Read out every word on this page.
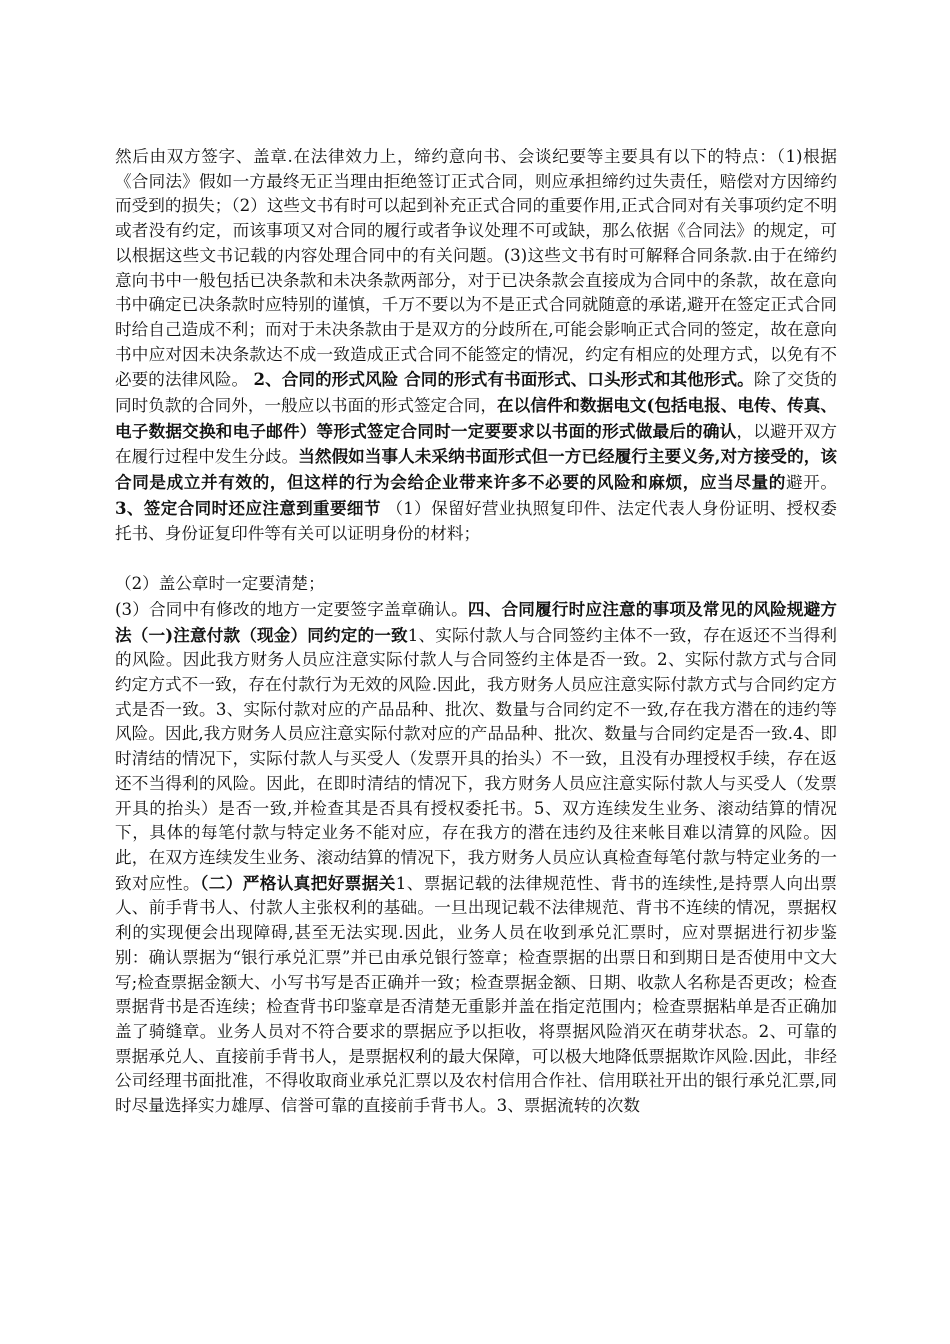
然后由双方签字、盖章.在法律效力上，缔约意向书、会谈纪要等主要具有以下的特点：（1)根据《合同法》假如一方最终无正当理由拒绝签订正式合同，则应承担缔约过失责任，赔偿对方因缔约而受到的损失；（2）这些文书有时可以起到补充正式合同的重要作用,正式合同对有关事项约定不明或者没有约定，而该事项又对合同的履行或者争议处理不可或缺，那么依据《合同法》的规定，可以根据这些文书记载的内容处理合同中的有关问题。(3)这些文书有时可解释合同条款.由于在缔约意向书中一般包括已决条款和未决条款两部分，对于已决条款会直接成为合同中的条款，故在意向书中确定已决条款时应特别的谨慎，千万不要以为不是正式合同就随意的承诺,避开在签定正式合同时给自己造成不利；而对于未决条款由于是双方的分歧所在,可能会影响正式合同的签定，故在意向书中应对因未决条款达不成一致造成正式合同不能签定的情况，约定有相应的处理方式，以免有不必要的法律风险。 2、合同的形式风险 合同的形式有书面形式、口头形式和其他形式。除了交货的同时负款的合同外，一般应以书面的形式签定合同，在以信件和数据电文(包括电报、电传、传真、电子数据交换和电子邮件）等形式签定合同时一定要要求以书面的形式做最后的确认，以避开双方在履行过程中发生分歧。当然假如当事人未采纳书面形式但一方已经履行主要义务,对方接受的，该合同是成立并有效的，但这样的行为会给企业带来许多不必要的风险和麻烦，应当尽量的避开。 3、签定合同时还应注意到重要细节 （1）保留好营业执照复印件、法定代表人身份证明、授权委托书、身份证复印件等有关可以证明身份的材料；

（2）盖公章时一定要清楚；

(3）合同中有修改的地方一定要签字盖章确认。四、合同履行时应注意的事项及常见的风险规避方法（一)注意付款（现金）同约定的一致1、实际付款人与合同签约主体不一致，存在返还不当得利的风险。因此我方财务人员应注意实际付款人与合同签约主体是否一致。2、实际付款方式与合同约定方式不一致，存在付款行为无效的风险.因此，我方财务人员应注意实际付款方式与合同约定方式是否一致。3、实际付款对应的产品品种、批次、数量与合同约定不一致,存在我方潜在的违约等风险。因此,我方财务人员应注意实际付款对应的产品品种、批次、数量与合同约定是否一致.4、即时清结的情况下，实际付款人与买受人（发票开具的抬头）不一致，且没有办理授权手续，存在返还不当得利的风险。因此，在即时清结的情况下，我方财务人员应注意实际付款人与买受人（发票开具的抬头）是否一致,并检查其是否具有授权委托书。5、双方连续发生业务、滚动结算的情况下，具体的每笔付款与特定业务不能对应，存在我方的潜在违约及往来帐目难以清算的风险。因此，在双方连续发生业务、滚动结算的情况下，我方财务人员应认真检查每笔付款与特定业务的一致对应性。（二）严格认真把好票据关1、票据记载的法律规范性、背书的连续性,是持票人向出票人、前手背书人、付款人主张权利的基础。一旦出现记载不法律规范、背书不连续的情况，票据权利的实现便会出现障碍,甚至无法实现.因此，业务人员在收到承兑汇票时，应对票据进行初步鉴别：确认票据为“银行承兑汇票”并已由承兑银行签章；检查票据的出票日和到期日是否使用中文大写;检查票据金额大、小写书写是否正确并一致；检查票据金额、日期、收款人名称是否更改；检查票据背书是否连续；检查背书印鉴章是否清楚无重影并盖在指定范围内；检查票据粘单是否正确加盖了骑缝章。业务人员对不符合要求的票据应予以拒收，将票据风险消灭在萌芽状态。2、可靠的票据承兑人、直接前手背书人，是票据权利的最大保障，可以极大地降低票据欺诈风险.因此，非经公司经理书面批准，不得收取商业承兑汇票以及农村信用合作社、信用联社开出的银行承兑汇票,同时尽量选择实力雄厚、信誉可靠的直接前手背书人。3、票据流转的次数
